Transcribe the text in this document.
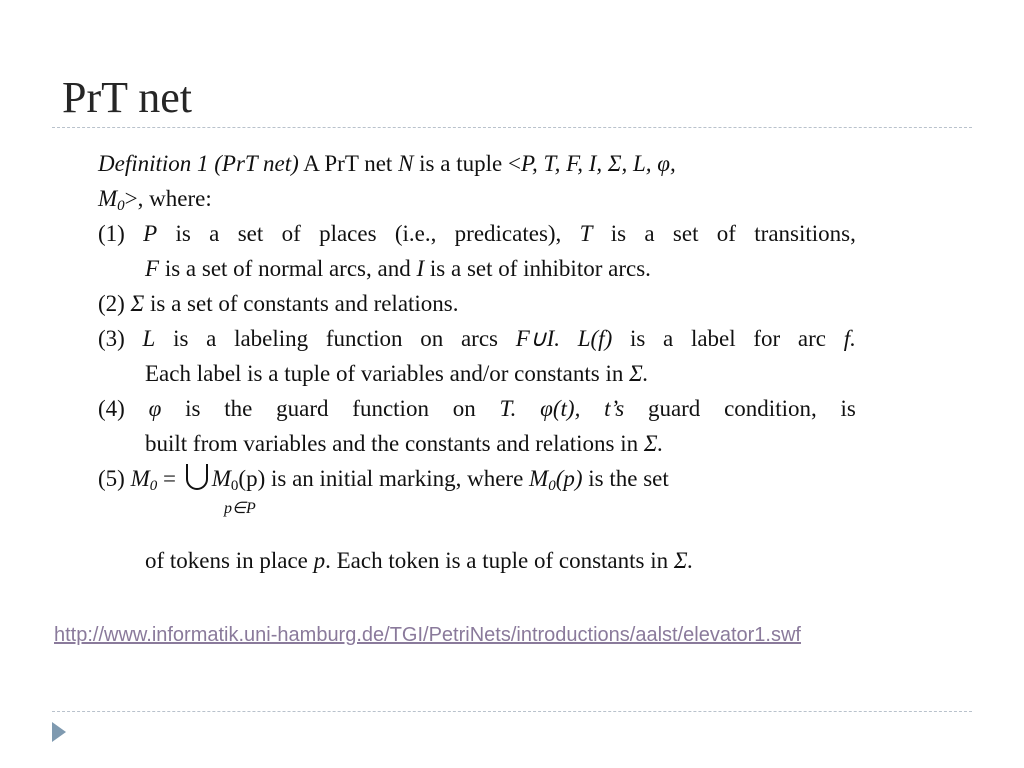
PrT net
Definition 1 (PrT net) A PrT net N is a tuple <P, T, F, I, Σ, L, φ,
$M_0>$, where:
(1) P is a set of places (i.e., predicates), T is a set of transitions,
F is a set of normal arcs, and I is a set of inhibitor arcs.
(2) Σ is a set of constants and relations.
(3) L is a labeling function on arcs F∪I. L(f) is a label for arc f.
Each label is a tuple of variables and/or constants in Σ.
(4) φ is the guard function on T. φ(t), t’s guard condition, is
built from variables and the constants and relations in Σ.
(5) $M_0$ =
$M_0(p)$ is an initial marking, where $M_0(p)$ is the set
p∈P
of tokens in place p. Each token is a tuple of constants in Σ.
http://www.informatik.uni-hamburg.de/TGI/PetriNets/introductions/aalst/elevator1.swf
